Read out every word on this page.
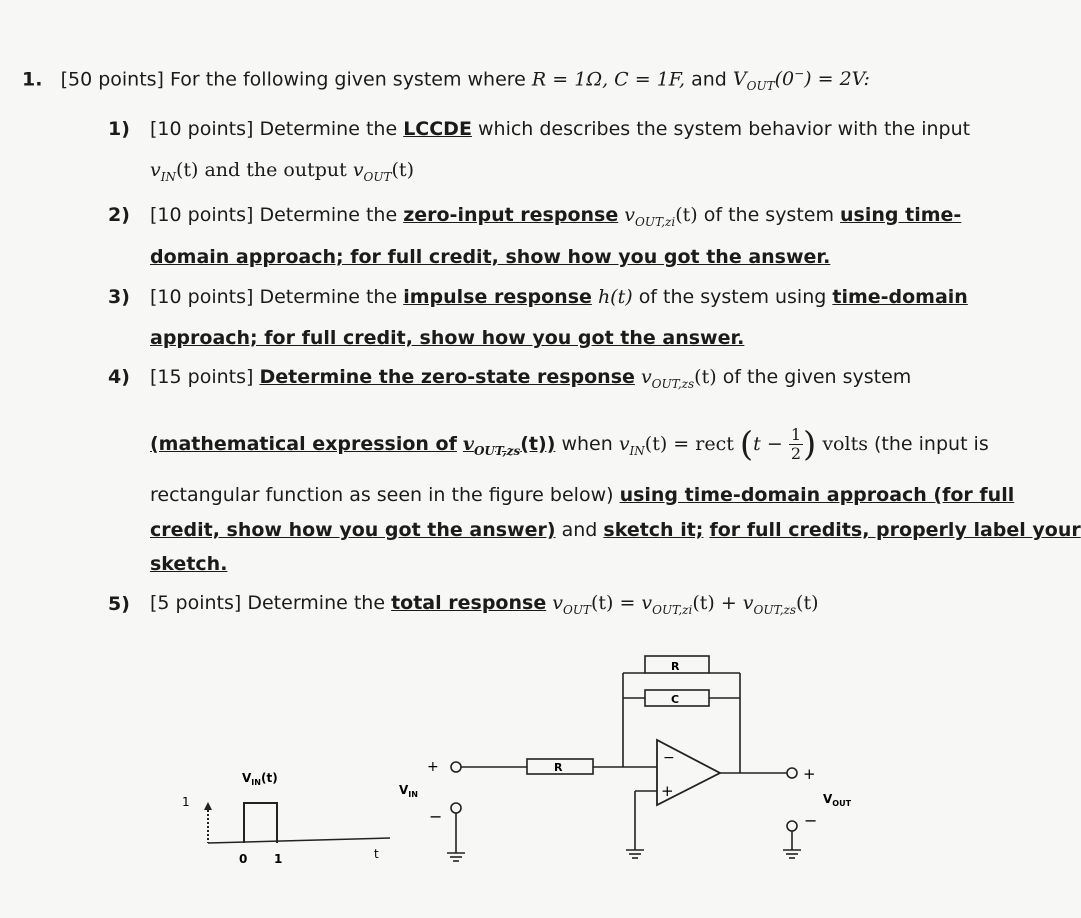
1. [50 points] For the following given system where R = 1Ω, C = 1F, and $V_{OUT}(0^-) = 2V$:
1) [10 points] Determine the LCCDE which describes the system behavior with the input
$v_{IN}(t)$ and the output $v_{OUT}(t)$
2) [10 points] Determine the zero-input response $v_{OUT,zi}(t)$ of the system using time-
domain approach; for full credit, show how you got the answer.
3) [10 points] Determine the impulse response h(t) of the system using time-domain
approach; for full credit, show how you got the answer.
4) [15 points] Determine the zero-state response $v_{OUT,zs}(t)$ of the given system
(mathematical expression of $v_{OUT,zs}(t)$) when $v_{IN}(t)$ = rect ($t - \frac{1}{2}$ ) volts (the input is
rectangular function as seen in the figure below) using time-domain approach (for full
credit, show how you got the answer) and sketch it; for full credits, properly label your
sketch.
5) [5 points] Determine the total response $v_{OUT}(t) = v_{OUT,zi}(t) + v_{OUT,zs}(t)$
$V_{IN}(t)$
1
0 1	t
+
$V_{IN}$
−
R
−
+
R
C
+
$V_{OUT}$
−
